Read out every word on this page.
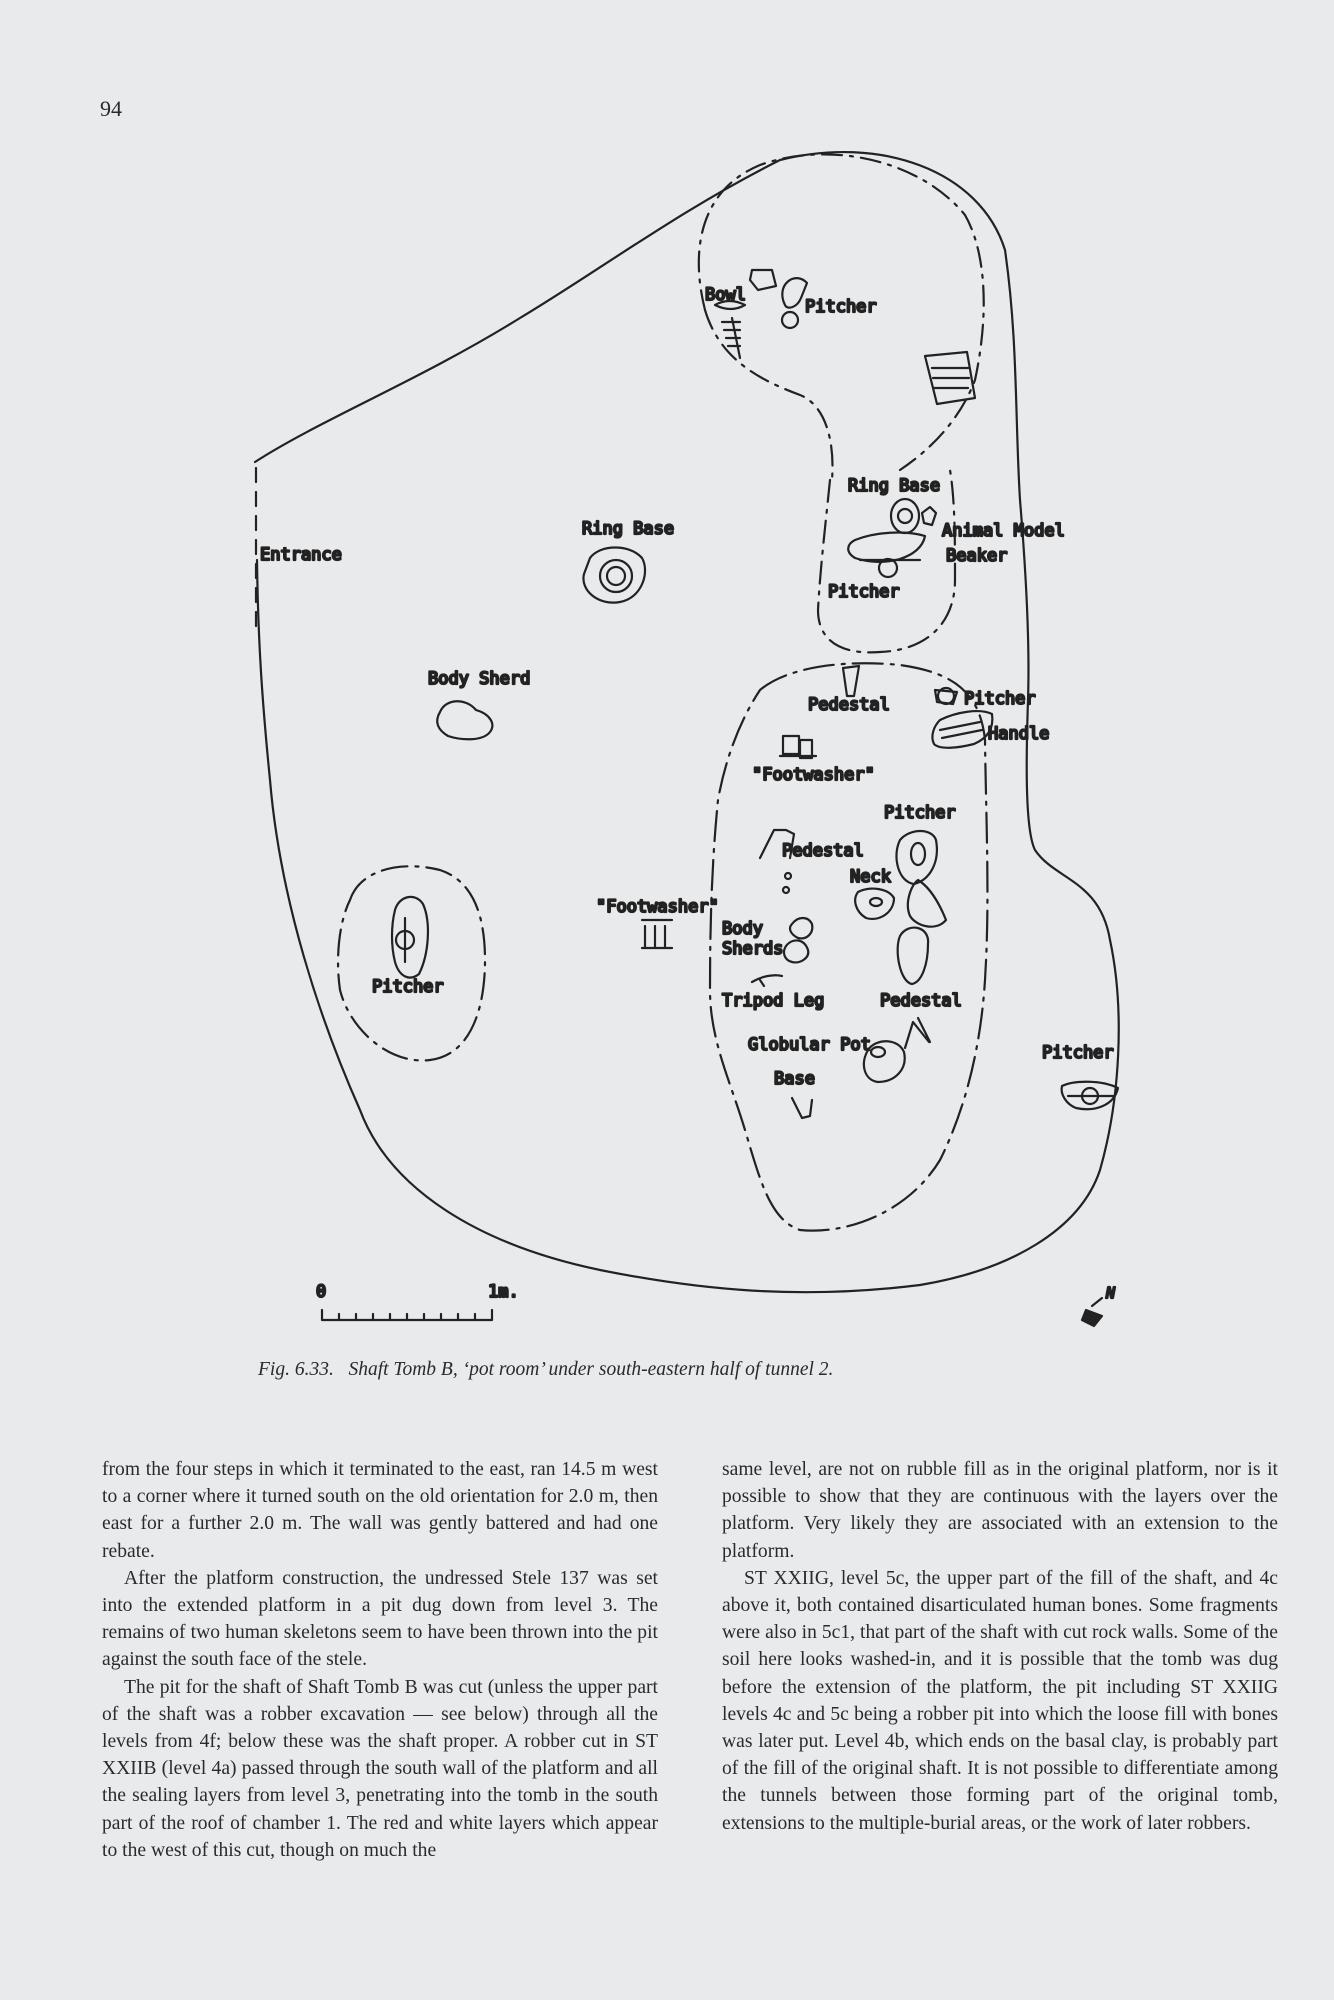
94
Bowl
Pitcher
Ring Base
Ring Base
Entrance
Animal Model
Beaker
Pitcher
Body Sherd
Pedestal	Pitcher
Handle
"Footwasher"
Pitcher
Pedestal
Neck
"Footwasher"
Body
Sherds
Pitcher
Tripod Leg	Pedestal
Globular Pot
Base
Pitcher
0	1m.	N
Fig. 6.33.   Shaft Tomb B, ‘pot room’ under south-eastern half of tunnel 2.

from the four steps in which it terminated to the east, ran 14.5 m west to a corner where it turned south on the old orientation for 2.0 m, then east for a further 2.0 m. The wall was gently battered and had one rebate.

After the platform construction, the undressed Stele 137 was set into the extended platform in a pit dug down from level 3. The remains of two human skeletons seem to have been thrown into the pit against the south face of the stele.

The pit for the shaft of Shaft Tomb B was cut (unless the upper part of the shaft was a robber excavation — see below) through all the levels from 4f; below these was the shaft proper. A robber cut in ST XXIIB (level 4a) passed through the south wall of the platform and all the sealing layers from level 3, penetrating into the tomb in the south part of the roof of chamber 1. The red and white layers which appear to the west of this cut, though on much the

same level, are not on rubble fill as in the original platform, nor is it possible to show that they are continuous with the layers over the platform. Very likely they are associated with an extension to the platform.

ST XXIIG, level 5c, the upper part of the fill of the shaft, and 4c above it, both contained disarticulated human bones. Some fragments were also in 5c1, that part of the shaft with cut rock walls. Some of the soil here looks washed-in, and it is possible that the tomb was dug before the extension of the platform, the pit including ST XXIIG levels 4c and 5c being a robber pit into which the loose fill with bones was later put. Level 4b, which ends on the basal clay, is probably part of the fill of the original shaft. It is not possible to differentiate among the tunnels between those forming part of the original tomb, extensions to the multiple-burial areas, or the work of later robbers.
